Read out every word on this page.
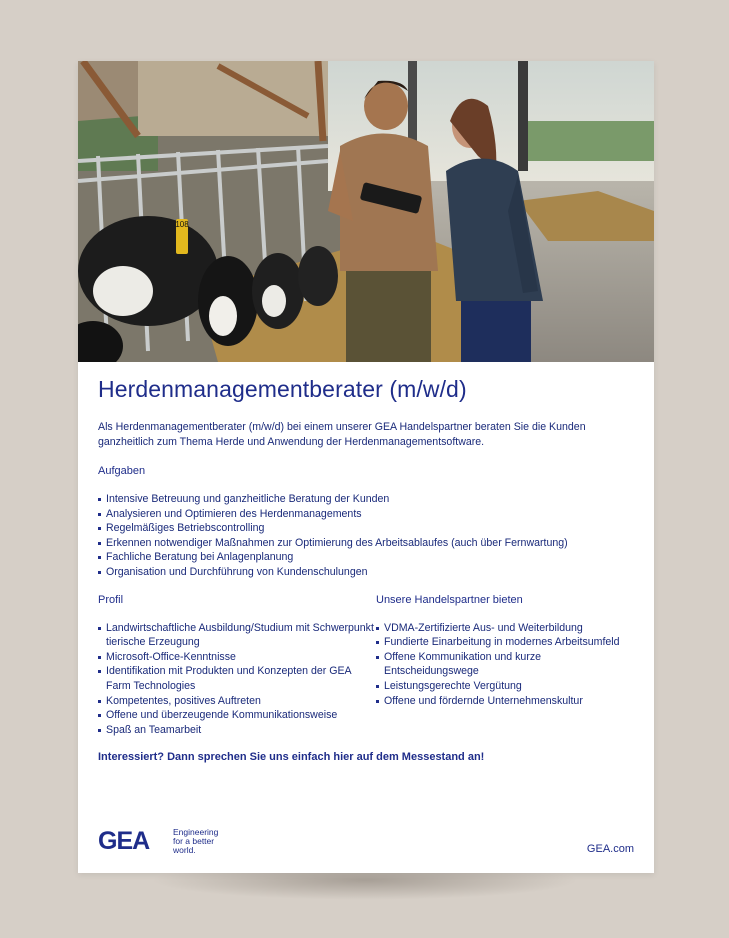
108
Herdenmanagementberater (m/w/d)
Als Herdenmanagementberater (m/w/d) bei einem unserer GEA Handelspartner beraten Sie die Kunden ganzheitlich zum Thema Herde und Anwendung der Herdenmanagementsoftware.
Aufgaben
Intensive Betreuung und ganzheitliche Beratung der Kunden
Analysieren und Optimieren des Herdenmanagements
Regelmäßiges Betriebscontrolling
Erkennen notwendiger Maßnahmen zur Optimierung des Arbeitsablaufes (auch über Fernwartung)
Fachliche Beratung bei Anlagenplanung
Organisation und Durchführung von Kundenschulungen
Profil
Landwirtschaftliche Ausbildung/Studium mit Schwerpunkt tierische Erzeugung
Microsoft-Office-Kenntnisse
Identifikation mit Produkten und Konzepten der GEA Farm Technologies
Kompetentes, positives Auftreten
Offene und überzeugende Kommunikationsweise
Spaß an Teamarbeit
Unsere Handelspartner bieten
VDMA-Zertifizierte Aus- und Weiterbildung
Fundierte Einarbeitung in modernes Arbeitsumfeld
Offene Kommunikation und kurze Entscheidungswege
Leistungsgerechte Vergütung
Offene und fördernde Unternehmenskultur
Interessiert? Dann sprechen Sie uns einfach hier auf dem Messestand an!
GEA	Engineering
for a better
world.	GEA.com
